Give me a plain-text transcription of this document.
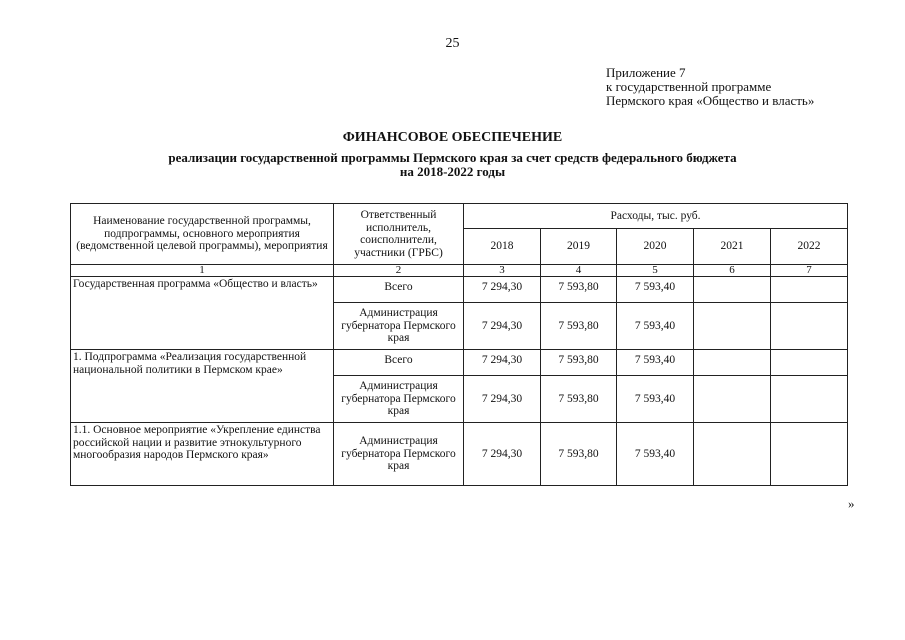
25
Приложение 7
к государственной программе
Пермского края «Общество и власть»
ФИНАНСОВОЕ ОБЕСПЕЧЕНИЕ
реализации государственной программы Пермского края за счет средств федерального бюджета
на 2018-2022 годы
Наименование государственной программы, подпрограммы, основного мероприятия (ведомственной целевой программы), мероприятия	Ответственный исполнитель, соисполнители, участники (ГРБС)	Расходы, тыс. руб.				
		2018	2019	2020	2021	2022
1	2	3	4	5	6	7
Государственная программа «Общество и власть»	Всего	7 294,30	7 593,80	7 593,40		
	Администрация губернатора Пермского края	7 294,30	7 593,80	7 593,40		
1. Подпрограмма «Реализация государственной национальной политики в Пермском крае»	Всего	7 294,30	7 593,80	7 593,40		
	Администрация губернатора Пермского края	7 294,30	7 593,80	7 593,40		
1.1. Основное мероприятие «Укрепление единства российской нации и развитие этнокультурного многообразия народов Пермского края»	Администрация губернатора Пермского края	7 294,30	7 593,80	7 593,40		
»
